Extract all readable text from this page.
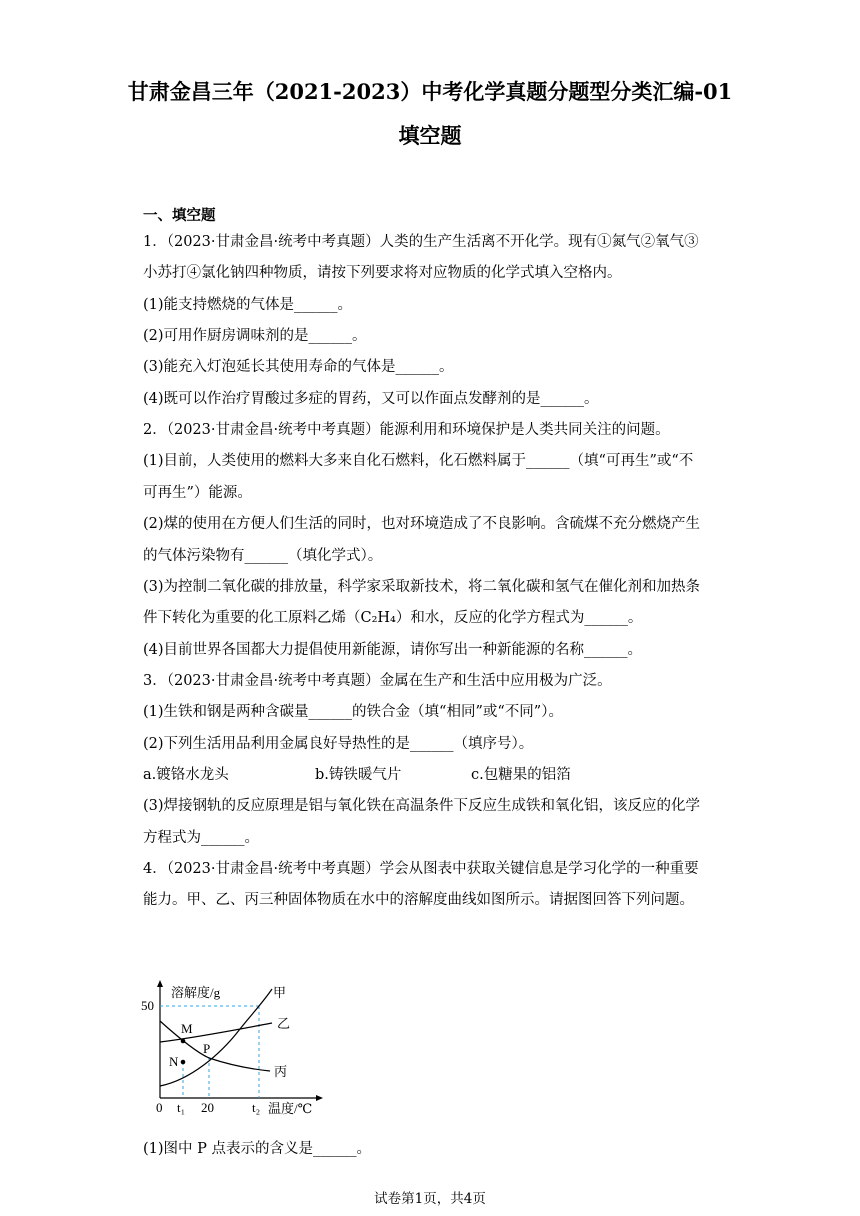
甘肃金昌三年（2021-2023）中考化学真题分题型分类汇编-01
填空题
一、填空题
1．（2023·甘肃金昌·统考中考真题）人类的生产生活离不开化学。现有①氮气②氧气③
小苏打④氯化钠四种物质，请按下列要求将对应物质的化学式填入空格内。
(1)能支持燃烧的气体是______。
(2)可用作厨房调味剂的是______。
(3)能充入灯泡延长其使用寿命的气体是______。
(4)既可以作治疗胃酸过多症的胃药，又可以作面点发酵剂的是______。
2．（2023·甘肃金昌·统考中考真题）能源利用和环境保护是人类共同关注的问题。
(1)目前，人类使用的燃料大多来自化石燃料，化石燃料属于______（填“可再生”或“不
可再生”）能源。
(2)煤的使用在方便人们生活的同时，也对环境造成了不良影响。含硫煤不充分燃烧产生
的气体污染物有______（填化学式）。
(3)为控制二氧化碳的排放量，科学家采取新技术，将二氧化碳和氢气在催化剂和加热条
件下转化为重要的化工原料乙烯（C₂H₄）和水，反应的化学方程式为______。
(4)目前世界各国都大力提倡使用新能源，请你写出一种新能源的名称______。
3．（2023·甘肃金昌·统考中考真题）金属在生产和生活中应用极为广泛。
(1)生铁和钢是两种含碳量______的铁合金（填“相同”或“不同”）。
(2)下列生活用品利用金属良好导热性的是______（填序号）。
a.镀铬水龙头	b.铸铁暖气片	c.包糖果的铝箔
(3)焊接钢轨的反应原理是铝与氧化铁在高温条件下反应生成铁和氧化铝，该反应的化学
方程式为______。
4．（2023·甘肃金昌·统考中考真题）学会从图表中获取关键信息是学习化学的一种重要
能力。甲、乙、丙三种固体物质在水中的溶解度曲线如图所示。请据图回答下列问题。
溶解度/g
50
M
N
P
甲
乙
丙
0 t₁ 20	t₂ 温度/℃
(1)图中 P 点表示的含义是______。
试卷第1页，共4页
